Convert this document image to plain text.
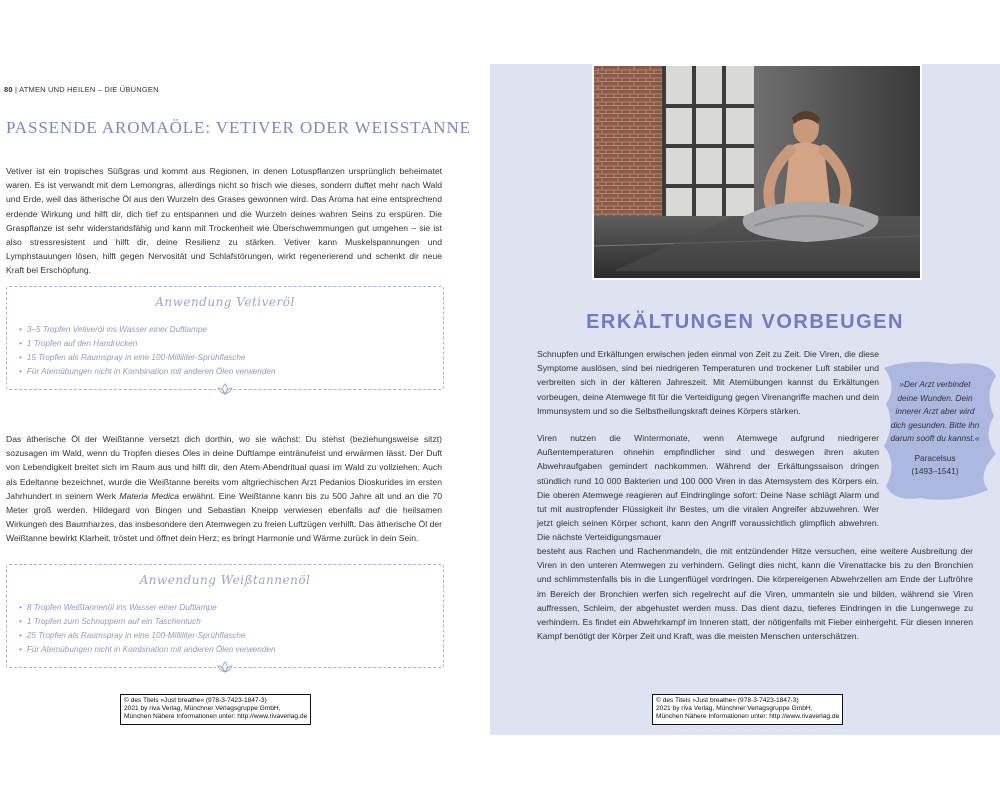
80 | ATMEN UND HEILEN – DIE ÜBUNGEN
PASSENDE AROMAÖLE: VETIVER ODER WEISSTANNE
Vetiver ist ein tropisches Süßgras und kommt aus Regionen, in denen Lotuspflanzen ursprünglich beheimatet waren. Es ist verwandt mit dem Lemongras, allerdings nicht so frisch wie dieses, sondern duftet mehr nach Wald und Erde, weil das ätherische Öl aus den Wurzeln des Grases gewonnen wird. Das Aroma hat eine entsprechend erdende Wirkung und hilft dir, dich tief zu entspannen und die Wurzeln deines wahren Seins zu erspüren. Die Graspflanze ist sehr widerstandsfähig und kann mit Trockenheit wie Überschwemmungen gut umgehen – sie ist also stressresistent und hilft dir, deine Resilienz zu stärken. Vetiver kann Muskelspannungen und Lymphstauungen lösen, hilft gegen Nervosität und Schlafstörungen, wirkt regenerierend und schenkt dir neue Kraft bei Erschöpfung.
Anwendung Vetiveröl
• 3–5 Tropfen Vetiveröl ins Wasser einer Duftlampe
• 1 Tropfen auf den Handrücken
• 15 Tropfen als Raumspray in eine 100-Milliliter-Sprühflasche
• Für Atemübungen nicht in Kombination mit anderen Ölen verwenden
Das ätherische Öl der Weißtanne versetzt dich dorthin, wo sie wächst: Du stehst (beziehungsweise sitzt) sozusagen im Wald, wenn du Tropfen dieses Öles in deine Duftlampe eintränufelst und erwärmen lässt. Der Duft von Lebendigkeit breitet sich im Raum aus und hilft dir, den Atem-Abendritual quasi im Wald zu vollziehen. Auch als Edeltanne bezeichnet, wurde die Weißtanne bereits vom altgriechischen Arzt Pedanios Dioskurides im ersten Jahrhundert in seinem Werk Materia Medica erwähnt. Eine Weißtanne kann bis zu 500 Jahre alt und an die 70 Meter groß werden. Hildegard von Bingen und Sebastian Kneipp verwiesen ebenfalls auf die heilsamen Wirkungen des Baumharzes, das insbesondere den Atemwegen zu freien Luftzügen verhilft. Das ätherische Öl der Weißtanne bewirkt Klarheit, tröstet und öffnet dein Herz; es bringt Harmonie und Wärme zurück in dein Sein.
Anwendung Weißtannenöl
• 8 Tropfen Weißtannenöl ins Wasser einer Duftlampe
• 1 Tropfen zum Schnuppern auf ein Taschentuch
• 25 Tropfen als Raumspray in eine 100-Milliliter-Sprühflasche
• Für Atemübungen nicht in Kombination mit anderen Ölen verwenden
© des Titels »Just breathe« (978-3-7423-1847-3)
2021 by riva Verlag, Münchner Verlagsgruppe GmbH,
München Nähere Informationen unter: http://www.rivaverlag.de
ERKÄLTUNGEN VORBEUGEN
Schnupfen und Erkältungen erwischen jeden einmal von Zeit zu Zeit. Die Viren, die diese Symptome auslösen, sind bei niedrigeren Temperaturen und trockener Luft stabiler und verbreiten sich in der kälteren Jahreszeit. Mit Atemübungen kannst du Erkältungen vorbeugen, deine Atemwege fit für die Verteidigung gegen Virenangriffe machen und dein Immunsystem und so die Selbstheilungskraft deines Körpers stärken.
Viren nutzen die Wintermonate, wenn Atemwege aufgrund niedrigerer Außentemperaturen ohnehin empfindlicher sind und deswegen ihren akuten Abwehraufgaben gemindert nachkommen. Während der Erkältungssaison dringen stündlich rund 10 000 Bakterien und 100 000 Viren in das Atemsystem des Körpers ein. Die oberen Atemwege reagieren auf Eindringlinge sofort: Deine Nase schlägt Alarm und tut mit austropfender Flüssigkeit ihr Bestes, um die viralen Angreifer abzuwehren. Wer jetzt gleich seinen Körper schont, kann den Angriff voraussichtlich glimpflich abwehren. Die nächste Verteidigungsmauer
besteht aus Rachen und Rachenmandeln, die mit entzündender Hitze versuchen, eine weitere Ausbreitung der Viren in den unteren Atemwegen zu verhindern. Gelingt dies nicht, kann die Virenattacke bis zu den Bronchien und schlimmstenfalls bis in die Lungenflügel vordringen. Die körpereigenen Abwehrzellen am Ende der Luftröhre im Bereich der Bronchien werfen sich regelrecht auf die Viren, ummanteln sie und bilden, während sie Viren auffressen, Schleim, der abgehustet werden muss. Das dient dazu, tieferes Eindringen in die Lungenwege zu verhindern. Es findet ein Abwehrkampf im Inneren statt, der nötigenfalls mit Fieber einhergeht. Für diesen inneren Kampf benötigt der Körper Zeit und Kraft, was die meisten Menschen unterschätzen.
»Der Arzt verbindet deine Wunden. Dein innerer Arzt aber wird dich gesunden. Bitte ihn darum sooft du kannst.«
Paracelsus
(1493–1541)
© des Titels »Just breathe« (978-3-7423-1847-3)
2021 by riva Verlag, Münchner Verlagsgruppe GmbH,
München Nähere Informationen unter: http://www.rivaverlag.de
